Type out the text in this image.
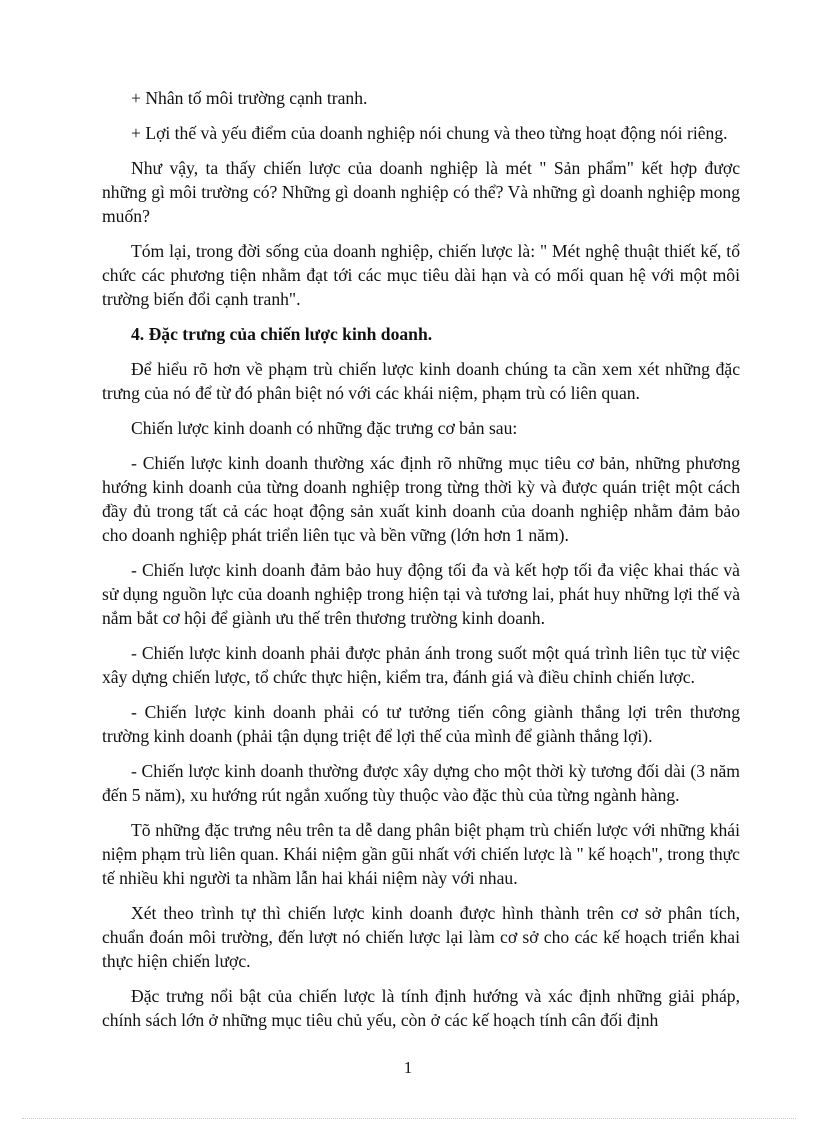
+ Nhân tố môi trường cạnh tranh.

+ Lợi thế và yếu điểm của doanh nghiệp nói chung và theo từng hoạt động nói riêng.

Như vậy, ta thấy chiến lược của doanh nghiệp là mét " Sản phẩm" kết hợp được những gì môi trường có? Những gì doanh nghiệp có thể? Và những gì doanh nghiệp mong muốn?

Tóm lại, trong đời sống của doanh nghiệp, chiến lược là: " Mét nghệ thuật thiết kế, tổ chức các phương tiện nhằm đạt tới các mục tiêu dài hạn và có mối quan hệ với một môi trường biến đổi cạnh tranh".

4. Đặc trưng của chiến lược kinh doanh.

Để hiểu rõ hơn về phạm trù chiến lược kinh doanh chúng ta cần xem xét những đặc trưng của nó để từ đó phân biệt nó với các khái niệm, phạm trù có liên quan.

Chiến lược kinh doanh có những đặc trưng cơ bản sau:

- Chiến lược kinh doanh thường xác định rõ những mục tiêu cơ bản, những phương hướng kinh doanh của từng doanh nghiệp trong từng thời kỳ và được quán triệt một cách đầy đủ trong tất cả các hoạt động sản xuất kinh doanh của doanh nghiệp nhằm đảm bảo cho doanh nghiệp phát triển liên tục và bền vững (lớn hơn 1 năm).

- Chiến lược kinh doanh đảm bảo huy động tối đa và kết hợp tối đa việc khai thác và sử dụng nguồn lực của doanh nghiệp trong hiện tại và tương lai, phát huy những lợi thế và nắm bắt cơ hội để giành ưu thế trên thương trường kinh doanh.

- Chiến lược kinh doanh phải được phản ánh trong suốt một quá trình liên tục từ việc xây dựng chiến lược, tổ chức thực hiện, kiểm tra, đánh giá và điều chỉnh chiến lược.

- Chiến lược kinh doanh phải có tư tưởng tiến công giành thắng lợi trên thương trường kinh doanh (phải tận dụng triệt để lợi thế của mình để giành thắng lợi).

- Chiến lược kinh doanh thường được xây dựng cho một thời kỳ tương đối dài (3 năm đến 5 năm), xu hướng rút ngắn xuống tùy thuộc vào đặc thù của từng ngành hàng.

Tõ những đặc trưng nêu trên ta dễ dang phân biệt phạm trù chiến lược với những khái niệm phạm trù liên quan. Khái niệm gần gũi nhất với chiến lược là " kế hoạch", trong thực tế nhiều khi người ta nhầm lẫn hai khái niệm này với nhau.

Xét theo trình tự thì chiến lược kinh doanh được hình thành trên cơ sở phân tích, chuẩn đoán môi trường, đến lượt nó chiến lược lại làm cơ sở cho các kế hoạch triển khai thực hiện chiến lược.

Đặc trưng nổi bật của chiến lược là tính định hướng và xác định những giải pháp, chính sách lớn ở những mục tiêu chủ yếu, còn ở các kế hoạch tính cân đối định

1
